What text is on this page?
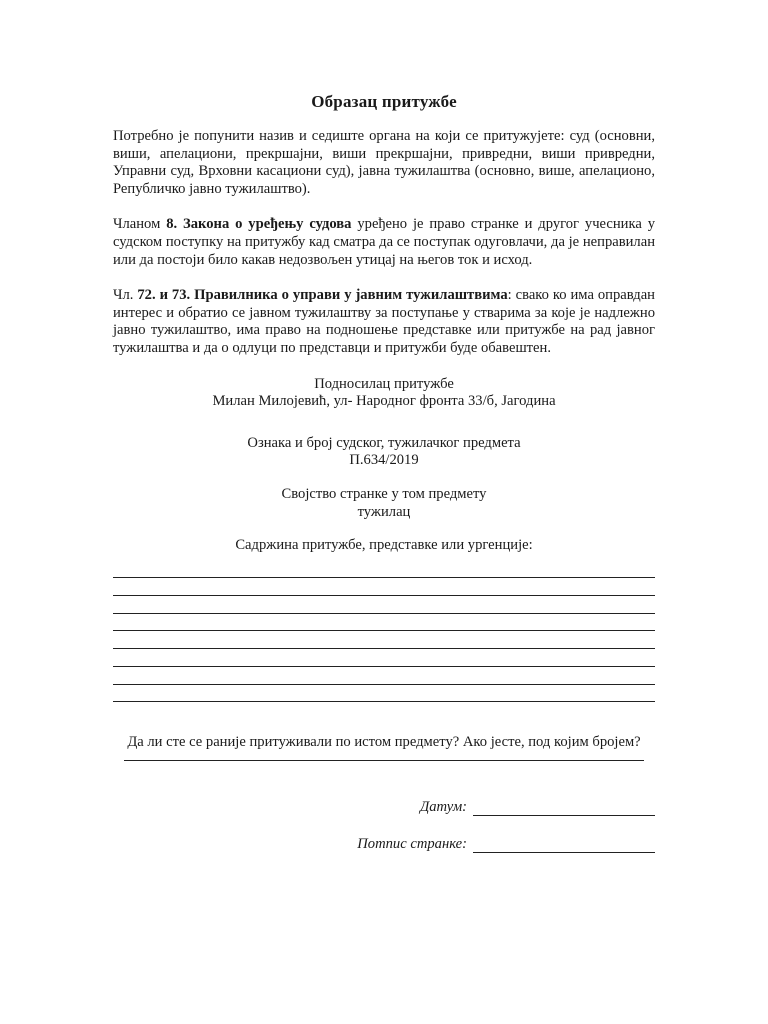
Образац притужбе

Потребно је попунити назив и седиште органа на који се притужујете: суд (основни, виши, апелациони, прекршајни, виши прекршајни, привредни, виши привредни, Управни суд, Врховни касациони суд), јавна тужилаштва (основно, више, апелационо, Републичко јавно тужилаштво).

Чланом 8. Закона о уређењу судова уређено је право странке и другог учесника у судском поступку на притужбу кад сматра да се поступак одуговлачи, да је неправилан или да постоји било какав недозвољен утицај на његов ток и исход.

Чл. 72. и 73. Правилника о управи у јавним тужилаштвима: свако ко има оправдан интерес и обратио се јавном тужилаштву за поступање у стварима за које је надлежно јавно тужилаштво, има право на подношење представке или притужбе на рад јавног тужилаштва и да о одлуци по представци и притужби буде обавештен.

Подносилац притужбе
Милан Милојевић, ул- Народног фронта 33/б, Јагодина
Ознака и број судског, тужилачког предмета
П.634/2019
Својство странке у том предмету
тужилац
Садржина притужбе, представке или ургенције:
Да ли сте се раније притуживали по истом предмету? Ако јесте, под којим бројем?
Датум:
Потпис странке:
